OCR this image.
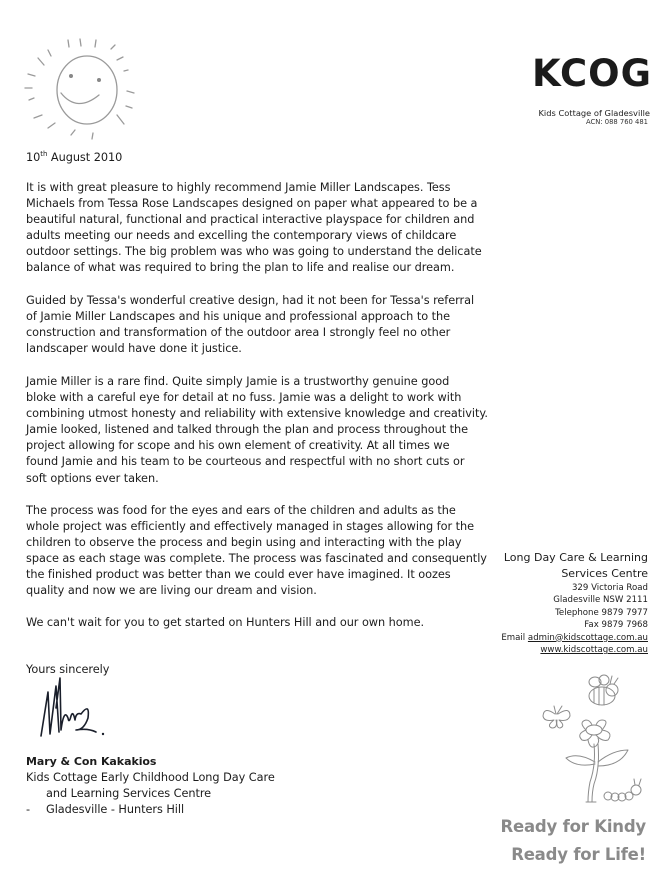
KCOG
Kids Cottage of Gladesville
ACN: 088 760 481
10th August 2010
It is with great pleasure to highly recommend Jamie Miller Landscapes. Tess
Michaels from Tessa Rose Landscapes designed on paper what appeared to be a
beautiful natural, functional and practical interactive playspace for children and
adults meeting our needs and excelling the contemporary views of childcare
outdoor settings. The big problem was who was going to understand the delicate
balance of what was required to bring the plan to life and realise our dream.
Guided by Tessa's wonderful creative design, had it not been for Tessa's referral
of Jamie Miller Landscapes and his unique and professional approach to the
construction and transformation of the outdoor area I strongly feel no other
landscaper would have done it justice.
Jamie Miller is a rare find. Quite simply Jamie is a trustworthy genuine good
bloke with a careful eye for detail at no fuss. Jamie was a delight to work with
combining utmost honesty and reliability with extensive knowledge and creativity.
Jamie looked, listened and talked through the plan and process throughout the
project allowing for scope and his own element of creativity. At all times we
found Jamie and his team to be courteous and respectful with no short cuts or
soft options ever taken.
The process was food for the eyes and ears of the children and adults as the
whole project was efficiently and effectively managed in stages allowing for the
children to observe the process and begin using and interacting with the play
space as each stage was complete. The process was fascinated and consequently
the finished product was better than we could ever have imagined. It oozes
quality and now we are living our dream and vision.
We can't wait for you to get started on Hunters Hill and our own home.
Long Day Care & Learning
Services Centre
329 Victoria Road
Gladesville NSW 2111
Telephone 9879 7977
Fax 9879 7968
Email admin@kidscottage.com.au
www.kidscottage.com.au
Yours sincerely
Mary & Con Kakakios
Kids Cottage Early Childhood Long Day Care
and Learning Services Centre
- Gladesville - Hunters Hill
Ready for Kindy
Ready for Life!
